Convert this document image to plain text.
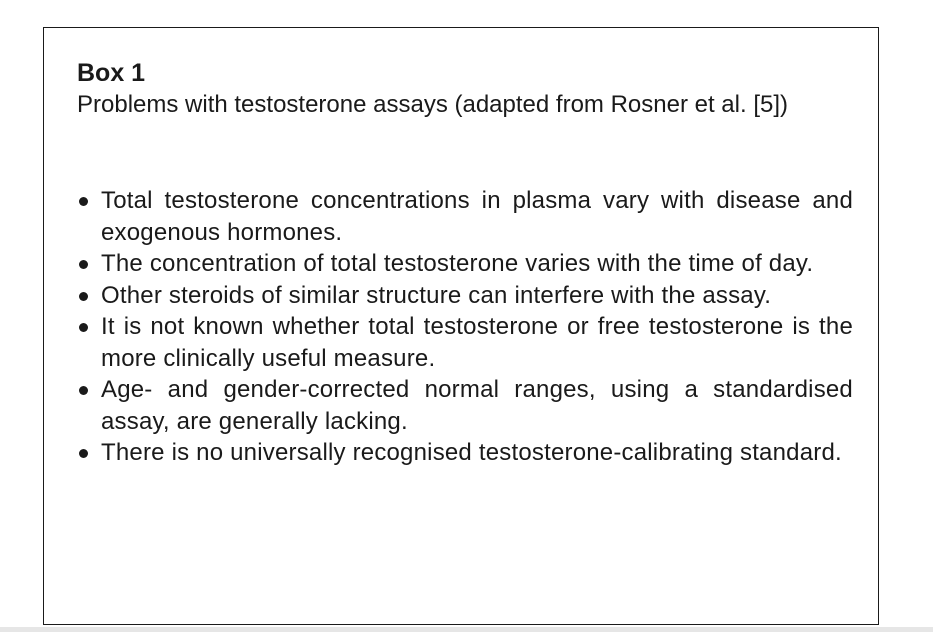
Box 1

Problems with testosterone assays (adapted from Rosner et al. [5])

Total testosterone concentrations in plasma vary with disease and exogenous hormones.
The concentration of total testosterone varies with the time of day.
Other steroids of similar structure can interfere with the assay.
It is not known whether total testosterone or free testosterone is the more clinically useful measure.
Age- and gender-corrected normal ranges, using a standardised assay, are generally lacking.
There is no universally recognised testosterone-calibrating standard.
